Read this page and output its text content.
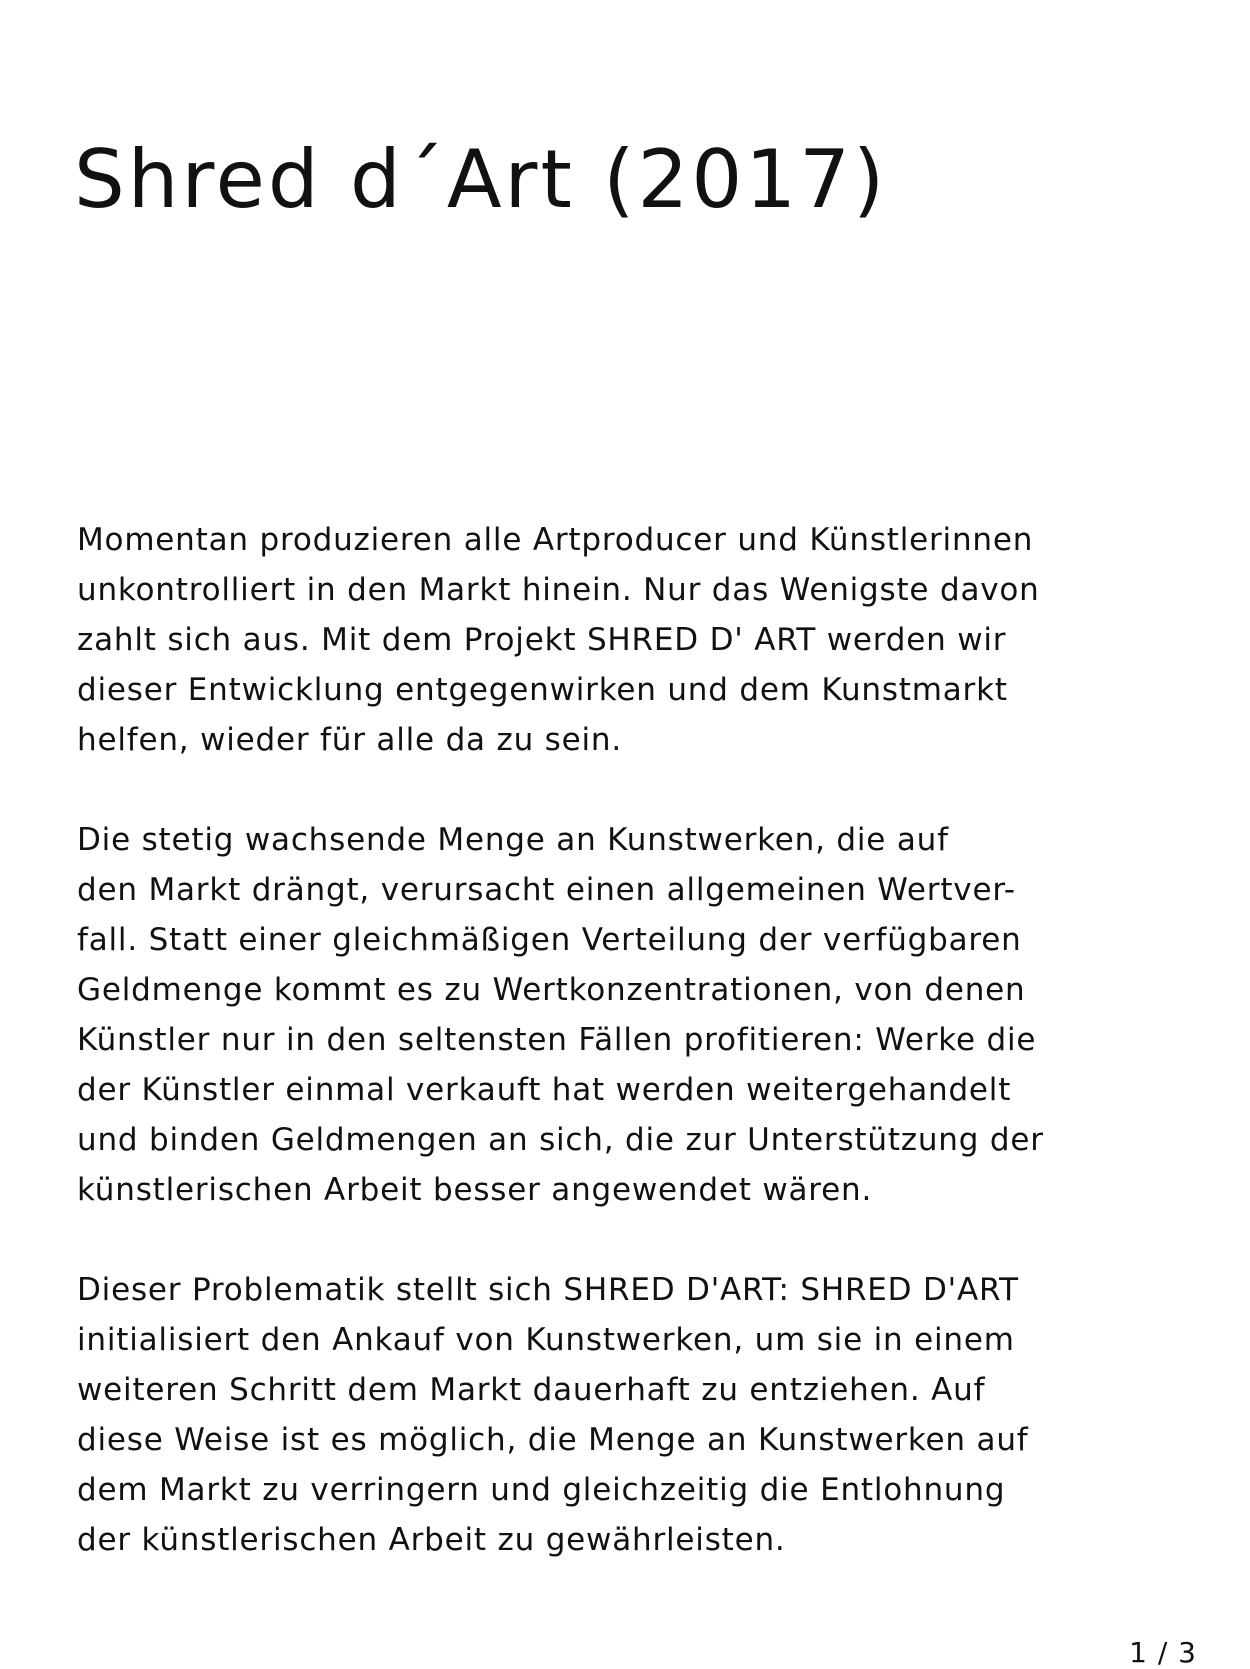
Shred d´Art (2017)

Momentan produzieren alle Artproducer und Künstlerinnen
unkontrolliert in den Markt hinein. Nur das Wenigste davon
zahlt sich aus. Mit dem Projekt SHRED D' ART werden wir
dieser Entwicklung entgegenwirken und dem Kunstmarkt
helfen, wieder für alle da zu sein.

Die stetig wachsende Menge an Kunstwerken, die auf
den Markt drängt, verursacht einen allgemeinen Wertver-
fall. Statt einer gleichmäßigen Verteilung der verfügbaren
Geldmenge kommt es zu Wertkonzentrationen, von denen
Künstler nur in den seltensten Fällen profitieren: Werke die
der Künstler einmal verkauft hat werden weitergehandelt
und binden Geldmengen an sich, die zur Unterstützung der
künstlerischen Arbeit besser angewendet wären.

Dieser Problematik stellt sich SHRED D'ART: SHRED D'ART
initialisiert den Ankauf von Kunstwerken, um sie in einem
weiteren Schritt dem Markt dauerhaft zu entziehen. Auf
diese Weise ist es möglich, die Menge an Kunstwerken auf
dem Markt zu verringern und gleichzeitig die Entlohnung
der künstlerischen Arbeit zu gewährleisten.

1 / 3
